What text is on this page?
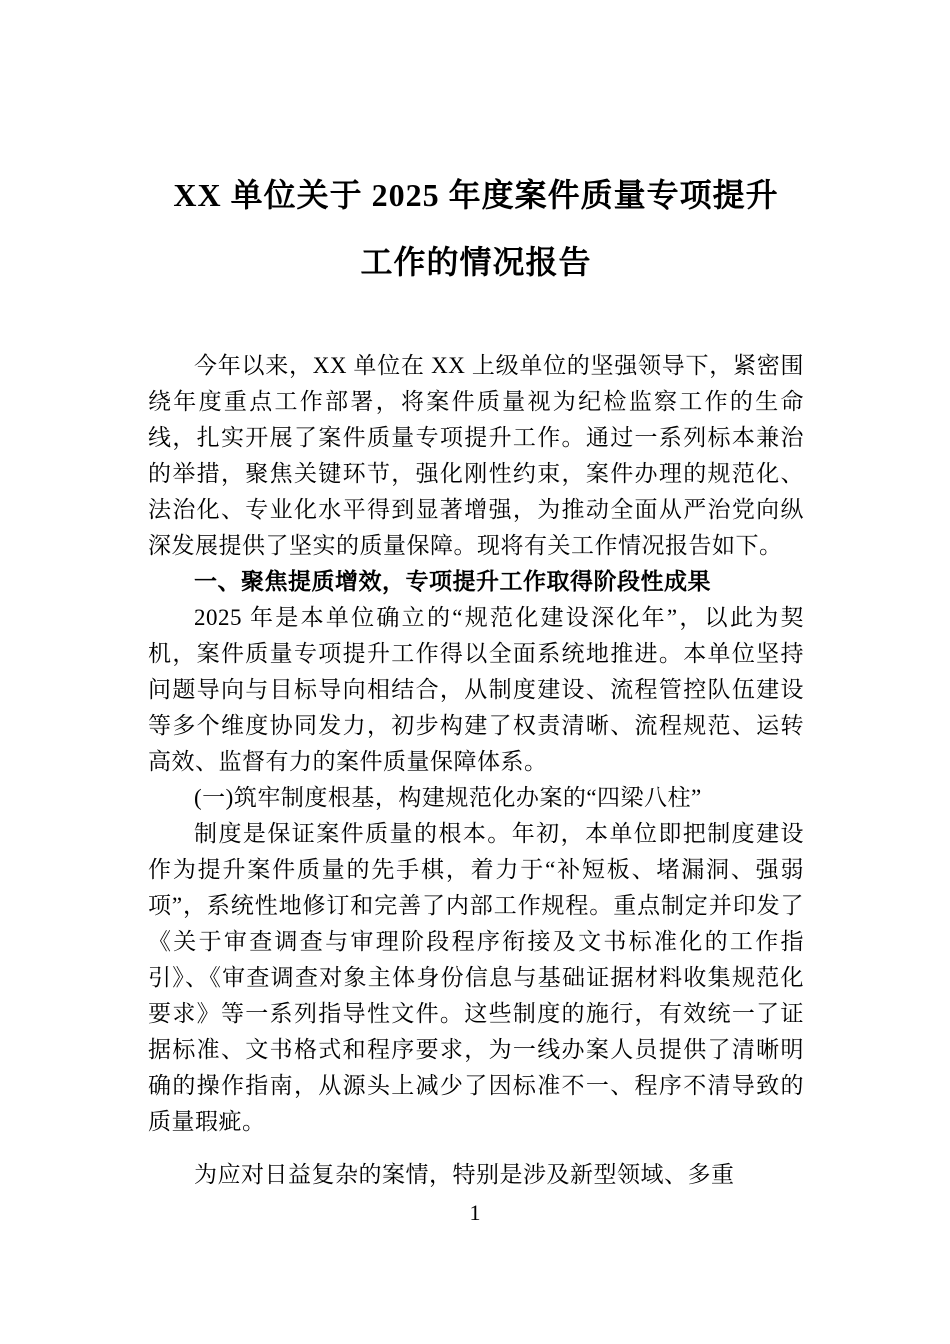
XX 单位关于 2025 年度案件质量专项提升
工作的情况报告

今年以来，XX 单位在 XX 上级单位的坚强领导下，紧密围绕年度重点工作部署，将案件质量视为纪检监察工作的生命线，扎实开展了案件质量专项提升工作。通过一系列标本兼治的举措，聚焦关键环节，强化刚性约束，案件办理的规范化、法治化、专业化水平得到显著增强，为推动全面从严治党向纵深发展提供了坚实的质量保障。现将有关工作情况报告如下。

一、聚焦提质增效，专项提升工作取得阶段性成果

2025 年是本单位确立的“规范化建设深化年”，以此为契机，案件质量专项提升工作得以全面系统地推进。本单位坚持问题导向与目标导向相结合，从制度建设、流程管控队伍建设等多个维度协同发力，初步构建了权责清晰、流程规范、运转高效、监督有力的案件质量保障体系。

(一)筑牢制度根基，构建规范化办案的“四梁八柱”

制度是保证案件质量的根本。年初，本单位即把制度建设作为提升案件质量的先手棋，着力于“补短板、堵漏洞、强弱项”，系统性地修订和完善了内部工作规程。重点制定并印发了《关于审查调查与审理阶段程序衔接及文书标准化的工作指引》、《审查调查对象主体身份信息与基础证据材料收集规范化要求》等一系列指导性文件。这些制度的施行，有效统一了证据标准、文书格式和程序要求，为一线办案人员提供了清晰明确的操作指南，从源头上减少了因标准不一、程序不清导致的质量瑕疵。

为应对日益复杂的案情，特别是涉及新型领域、多重

1
